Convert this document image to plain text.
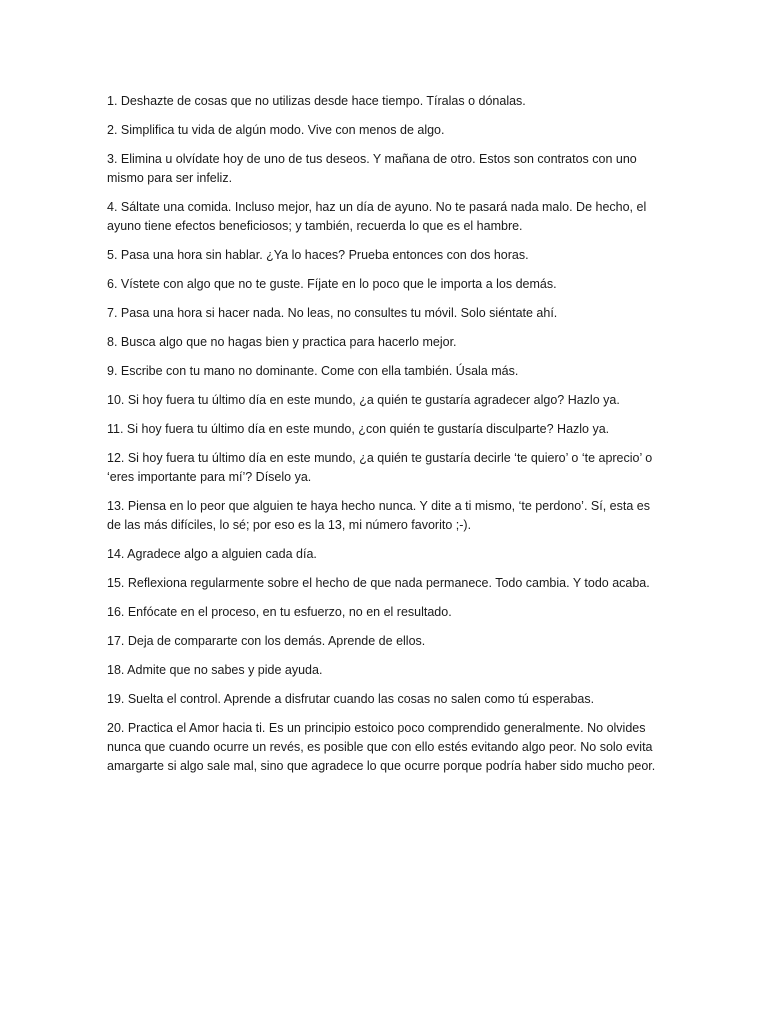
1. Deshazte de cosas que no utilizas desde hace tiempo. Tíralas o dónalas.

2. Simplifica tu vida de algún modo. Vive con menos de algo.

3. Elimina u olvídate hoy de uno de tus deseos. Y mañana de otro. Estos son contratos con uno mismo para ser infeliz.

4. Sáltate una comida. Incluso mejor, haz un día de ayuno. No te pasará nada malo. De hecho, el ayuno tiene efectos beneficiosos; y también, recuerda lo que es el hambre.

5. Pasa una hora sin hablar. ¿Ya lo haces? Prueba entonces con dos horas.

6. Vístete con algo que no te guste. Fíjate en lo poco que le importa a los demás.

7. Pasa una hora si hacer nada. No leas, no consultes tu móvil. Solo siéntate ahí.

8. Busca algo que no hagas bien y practica para hacerlo mejor.

9. Escribe con tu mano no dominante. Come con ella también. Úsala más.

10. Si hoy fuera tu último día en este mundo, ¿a quién te gustaría agradecer algo? Hazlo ya.

11. Si hoy fuera tu último día en este mundo, ¿con quién te gustaría disculparte? Hazlo ya.

12. Si hoy fuera tu último día en este mundo, ¿a quién te gustaría decirle ‘te quiero’ o ‘te aprecio’ o ‘eres importante para mí’? Díselo ya.

13. Piensa en lo peor que alguien te haya hecho nunca. Y dite a ti mismo, ‘te perdono’. Sí, esta es de las más difíciles, lo sé; por eso es la 13, mi número favorito ;-).

14. Agradece algo a alguien cada día.

15. Reflexiona regularmente sobre el hecho de que nada permanece. Todo cambia. Y todo acaba.

16. Enfócate en el proceso, en tu esfuerzo, no en el resultado.

17. Deja de compararte con los demás. Aprende de ellos.

18. Admite que no sabes y pide ayuda.

19. Suelta el control. Aprende a disfrutar cuando las cosas no salen como tú esperabas.

20. Practica el Amor hacia ti. Es un principio estoico poco comprendido generalmente. No olvides nunca que cuando ocurre un revés, es posible que con ello estés evitando algo peor. No solo evita amargarte si algo sale mal, sino que agradece lo que ocurre porque podría haber sido mucho peor.
